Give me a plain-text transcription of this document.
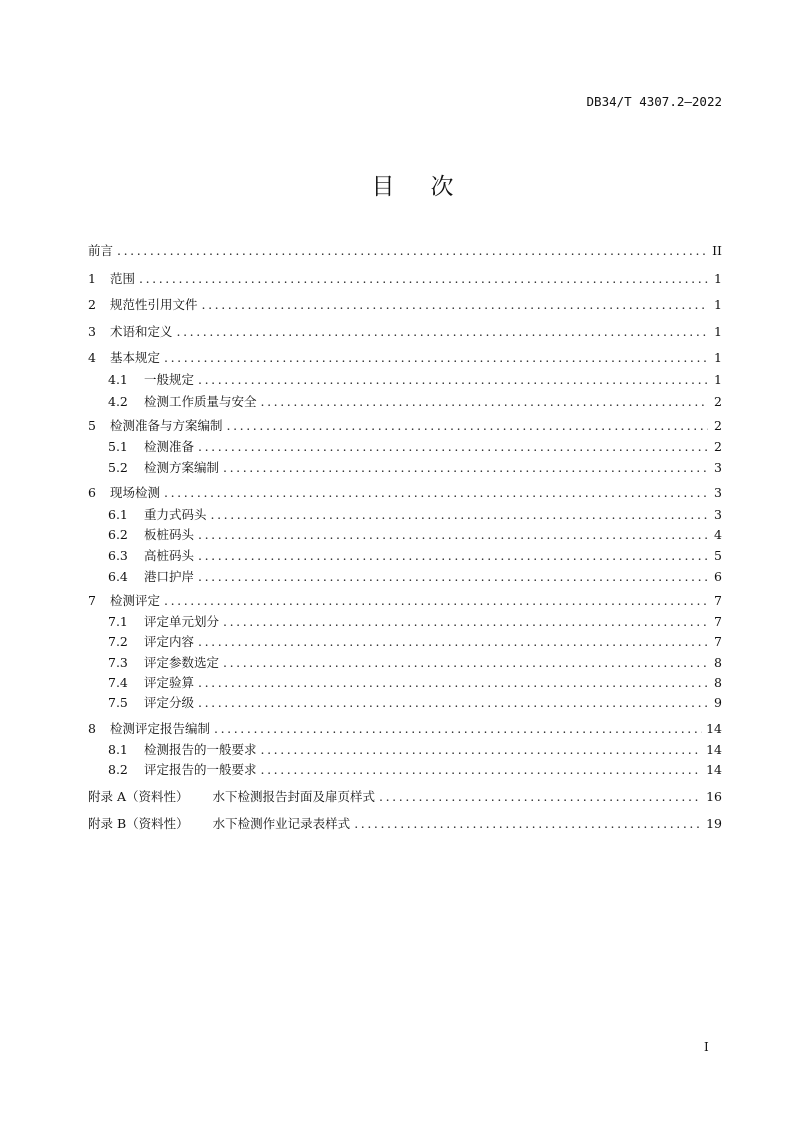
DB34/T 4307.2—2022
目 次
前言 .....	II
1	范围 .....	1
2	规范性引用文件 .....	1
3	术语和定义 .....	1
4	基本规定 .....	1
4.1	一般规定 .....	1
4.2	检测工作质量与安全 .....	2
5	检测准备与方案编制 .....	2
5.1	检测准备 .....	2
5.2	检测方案编制 .....	3
6	现场检测 .....	3
6.1	重力式码头 .....	3
6.2	板桩码头 .....	4
6.3	高桩码头 .....	5
6.4	港口护岸 .....	6
7	检测评定 .....	7
7.1	评定单元划分 .....	7
7.2	评定内容 .....	7
7.3	评定参数选定 .....	8
7.4	评定验算 .....	8
7.5	评定分级 .....	9
8	检测评定报告编制 .....	14
8.1	检测报告的一般要求 .....	14
8.2	评定报告的一般要求 .....	14
附录 A（资料性） 水下检测报告封面及扉页样式 .....	16
附录 B（资料性） 水下检测作业记录表样式 .....	19
I
